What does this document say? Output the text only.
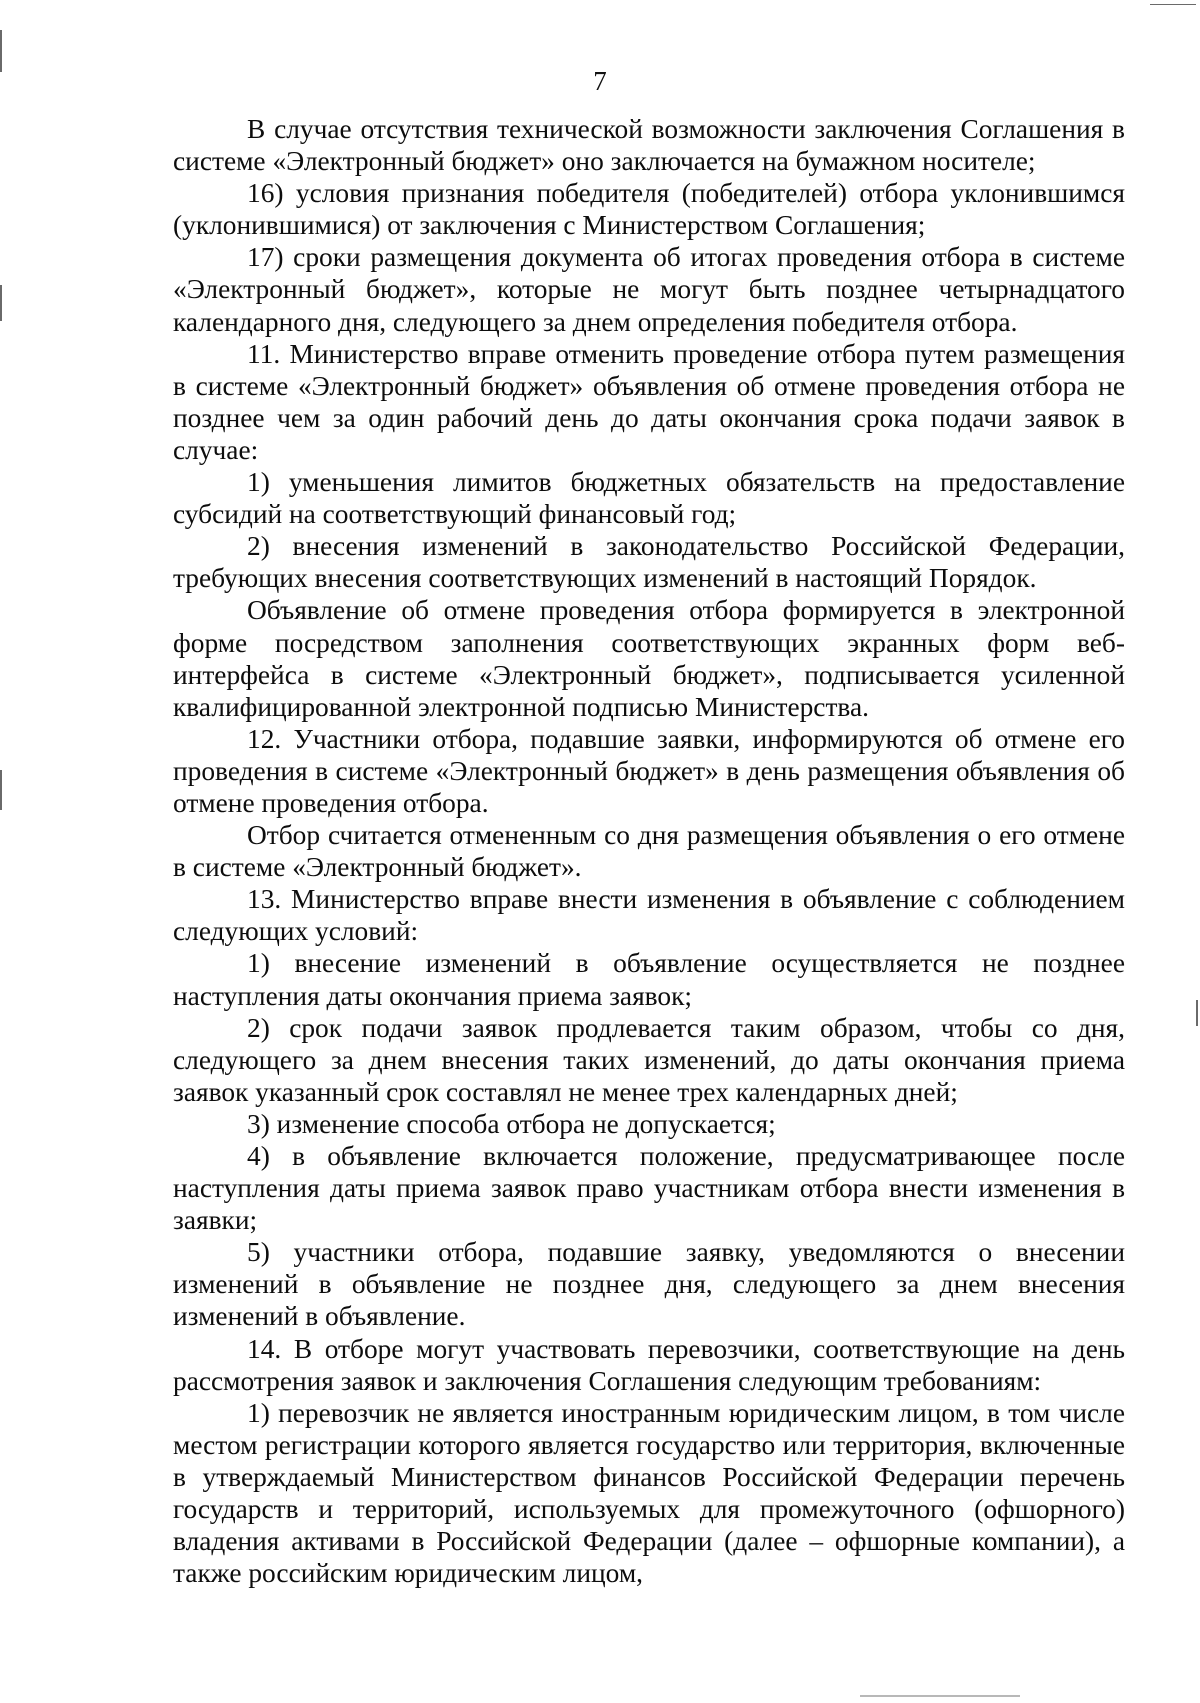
7

В случае отсутствия технической возможности заключения Соглашения в системе «Электронный бюджет» оно заключается на бумажном носителе;

16) условия признания победителя (победителей) отбора уклонившимся (уклонившимися) от заключения с Министерством Соглашения;

17) сроки размещения документа об итогах проведения отбора в системе «Электронный бюджет», которые не могут быть позднее четырнадцатого календарного дня, следующего за днем определения победителя отбора.

11. Министерство вправе отменить проведение отбора путем размещения в системе «Электронный бюджет» объявления об отмене проведения отбора не позднее чем за один рабочий день до даты окончания срока подачи заявок в случае:

1) уменьшения лимитов бюджетных обязательств на предоставление субсидий на соответствующий финансовый год;

2) внесения изменений в законодательство Российской Федерации, требующих внесения соответствующих изменений в настоящий Порядок.

Объявление об отмене проведения отбора формируется в электронной форме посредством заполнения соответствующих экранных форм веб-интерфейса в системе «Электронный бюджет», подписывается усиленной квалифицированной электронной подписью Министерства.

12. Участники отбора, подавшие заявки, информируются об отмене его проведения в системе «Электронный бюджет» в день размещения объявления об отмене проведения отбора.

Отбор считается отмененным со дня размещения объявления о его отмене в системе «Электронный бюджет».

13. Министерство вправе внести изменения в объявление с соблюдением следующих условий:

1) внесение изменений в объявление осуществляется не позднее наступления даты окончания приема заявок;

2) срок подачи заявок продлевается таким образом, чтобы со дня, следующего за днем внесения таких изменений, до даты окончания приема заявок указанный срок составлял не менее трех календарных дней;

3) изменение способа отбора не допускается;

4) в объявление включается положение, предусматривающее после наступления даты приема заявок право участникам отбора внести изменения в заявки;

5) участники отбора, подавшие заявку, уведомляются о внесении изменений в объявление не позднее дня, следующего за днем внесения изменений в объявление.

14. В отборе могут участвовать перевозчики, соответствующие на день рассмотрения заявок и заключения Соглашения следующим требованиям:

1) перевозчик не является иностранным юридическим лицом, в том числе местом регистрации которого является государство или территория, включенные в утверждаемый Министерством финансов Российской Федерации перечень государств и территорий, используемых для промежуточного (офшорного) владения активами в Российской Федерации (далее – офшорные компании), а также российским юридическим лицом,
